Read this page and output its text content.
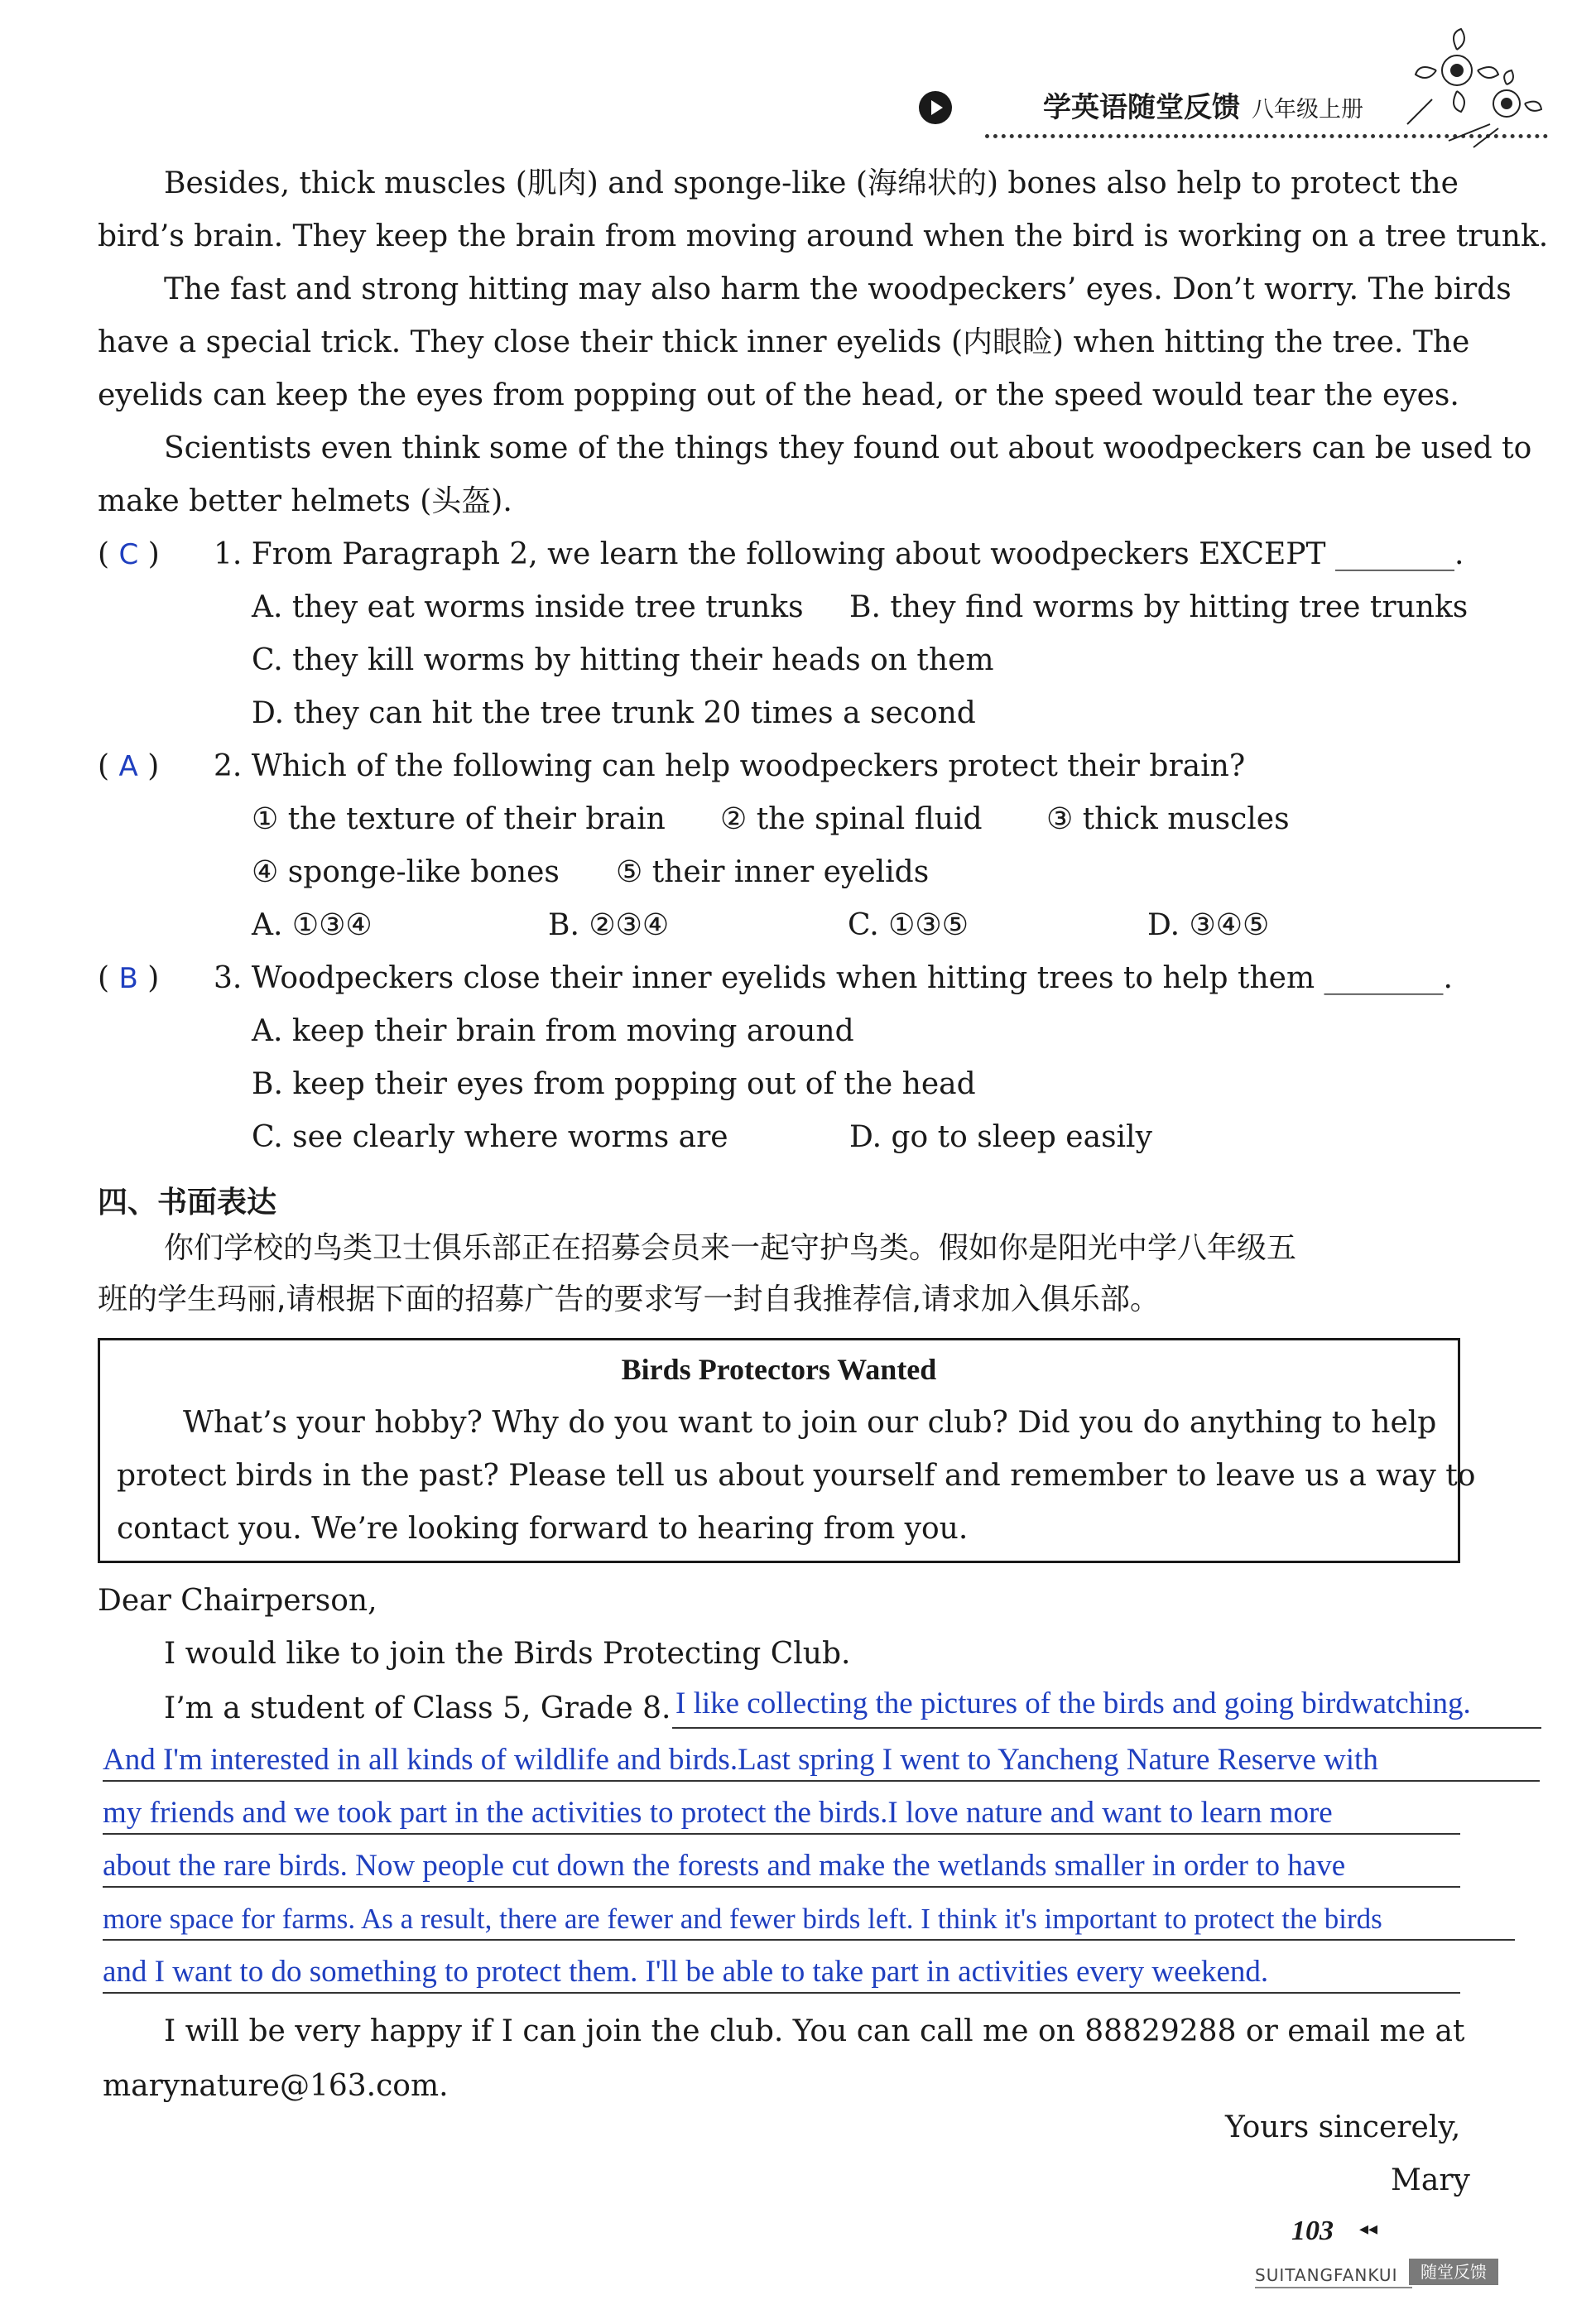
学英语随堂反馈 八年级上册
Besides, thick muscles (肌肉) and sponge-like (海绵状的) bones also help to protect the
bird’s brain. They keep the brain from moving around when the bird is working on a tree trunk.
The fast and strong hitting may also harm the woodpeckers’ eyes. Don’t worry. The birds
have a special trick. They close their thick inner eyelids (内眼睑) when hitting the tree. The
eyelids can keep the eyes from popping out of the head, or the speed would tear the eyes.
Scientists even think some of the things they found out about woodpeckers can be used to
make better helmets (头盔).
( C ) 1. From Paragraph 2, we learn the following about woodpeckers EXCEPT ________.
A. they eat worms inside tree trunks B. they find worms by hitting tree trunks
C. they kill worms by hitting their heads on them
D. they can hit the tree trunk 20 times a second
( A ) 2. Which of the following can help woodpeckers protect their brain?
① the texture of their brain ② the spinal fluid ③ thick muscles
④ sponge-like bones ⑤ their inner eyelids
A. ①③④	B. ②③④	C. ①③⑤	D. ③④⑤
( B ) 3. Woodpeckers close their inner eyelids when hitting trees to help them ________.
A. keep their brain from moving around
B. keep their eyes from popping out of the head
C. see clearly where worms are	D. go to sleep easily
四、书面表达
你们学校的鸟类卫士俱乐部正在招募会员来一起守护鸟类。假如你是阳光中学八年级五
班的学生玛丽,请根据下面的招募广告的要求写一封自我推荐信,请求加入俱乐部。
Birds Protectors Wanted
What’s your hobby? Why do you want to join our club? Did you do anything to help
protect birds in the past? Please tell us about yourself and remember to leave us a way to
contact you. We’re looking forward to hearing from you.
Dear Chairperson,
I would like to join the Birds Protecting Club.
I’m a student of Class 5, Grade 8. I like collecting the pictures of the birds and going birdwatching.
And I'm interested in all kinds of wildlife and birds.Last spring I went to Yancheng Nature Reserve with
my friends and we took part in the activities to protect the birds.I love nature and want to learn more
about the rare birds. Now people cut down the forests and make the wetlands smaller in order to have
more space for farms. As a result, there are fewer and fewer birds left. I think it's important to protect the birds
and I want to do something to protect them. I'll be able to take part in activities every weekend.
I will be very happy if I can join the club. You can call me on 88829288 or email me at
marynature@163.com.
Yours sincerely,
Mary
103 ◂◂
SUITANGFANKUI	随堂反馈
